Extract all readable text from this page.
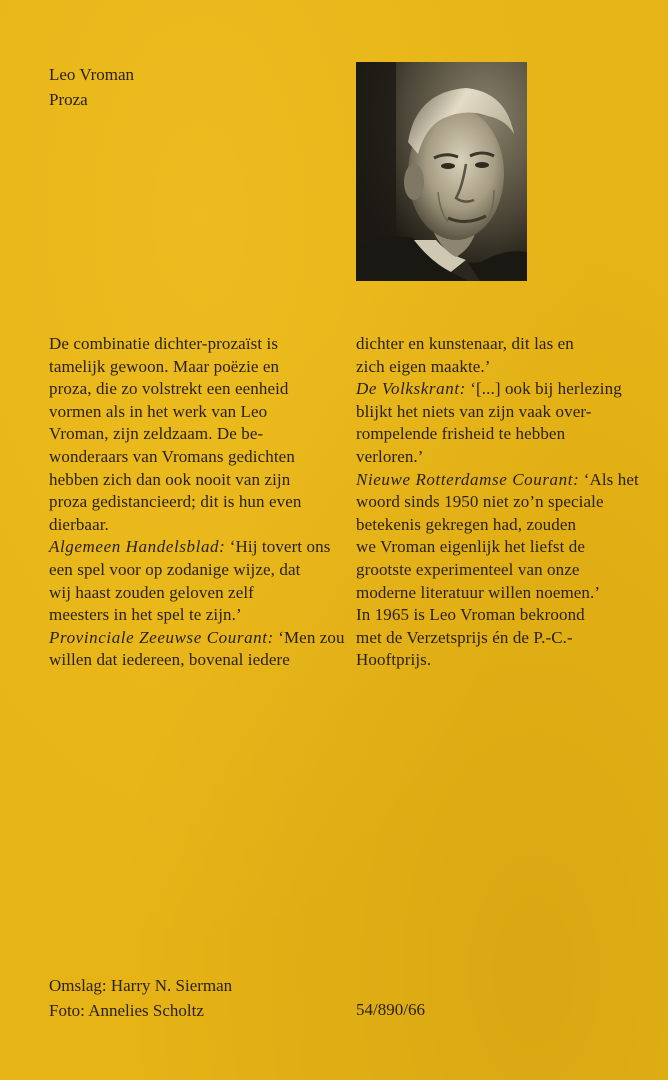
Leo Vroman
Proza
De combinatie dichter-prozaïst is
tamelijk gewoon. Maar poëzie en
proza, die zo volstrekt een eenheid
vormen als in het werk van Leo
Vroman, zijn zeldzaam. De be-
wonderaars van Vromans gedichten
hebben zich dan ook nooit van zijn
proza gedistancieerd; dit is hun even
dierbaar.
Algemeen Handelsblad: ‘Hij tovert ons
een spel voor op zodanige wijze, dat
wij haast zouden geloven zelf
meesters in het spel te zijn.’
Provinciale Zeeuwse Courant: ‘Men zou
willen dat iedereen, bovenal iedere
dichter en kunstenaar, dit las en
zich eigen maakte.’
De Volkskrant: ‘[...] ook bij herlezing
blijkt het niets van zijn vaak over-
rompelende frisheid te hebben
verloren.’
Nieuwe Rotterdamse Courant: ‘Als het
woord sinds 1950 niet zo’n speciale
betekenis gekregen had, zouden
we Vroman eigenlijk het liefst de
grootste experimenteel van onze
moderne literatuur willen noemen.’
In 1965 is Leo Vroman bekroond
met de Verzetsprijs én de P.-C.-
Hooftprijs.
Omslag: Harry N. Sierman
Foto: Annelies Scholtz	54/890/66
